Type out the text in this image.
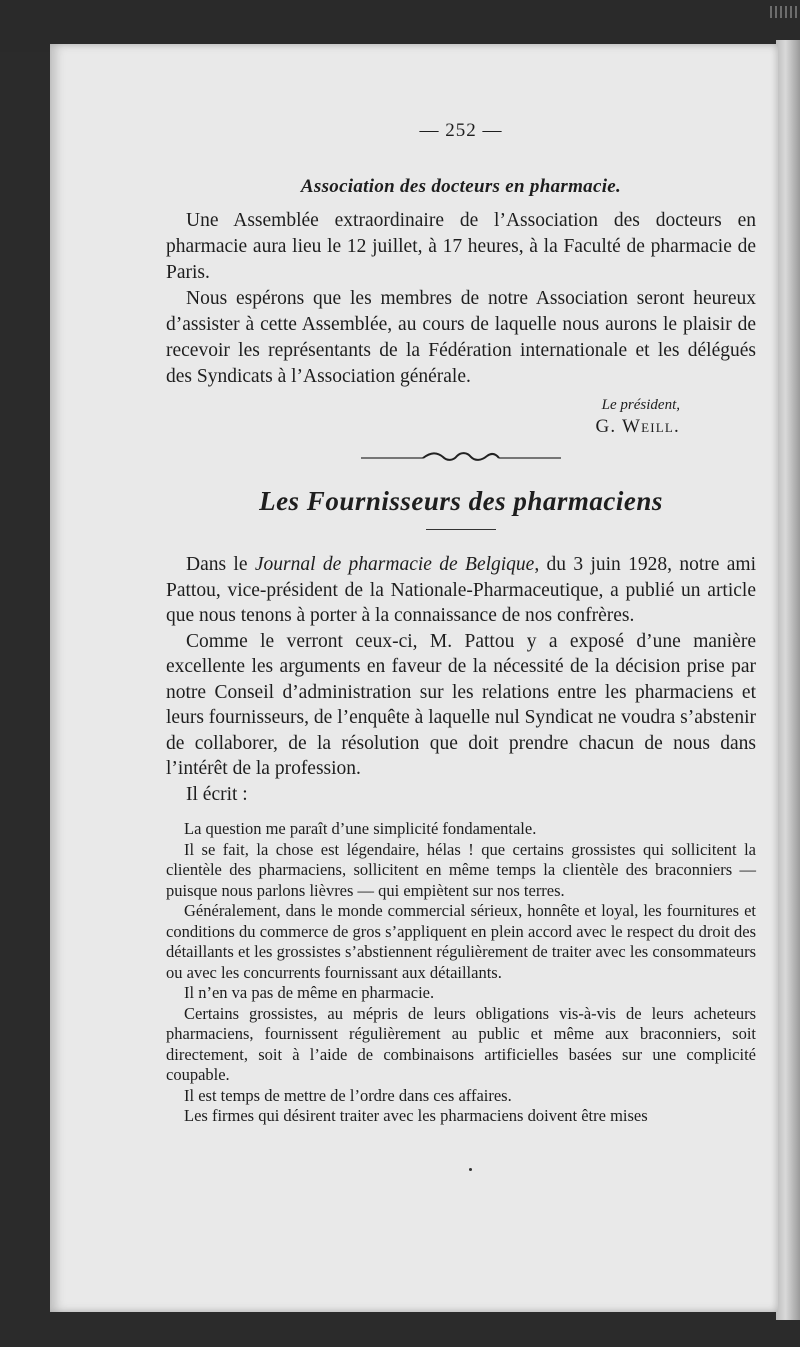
— 252 —
Association des docteurs en pharmacie.

Une Assemblée extraordinaire de l’Association des docteurs en pharmacie aura lieu le 12 juillet, à 17 heures, à la Faculté de pharmacie de Paris.

Nous espérons que les membres de notre Association seront heureux d’assister à cette Assemblée, au cours de laquelle nous aurons le plaisir de recevoir les représentants de la Fédération internationale et les délégués des Syndicats à l’Association générale.

Le président,
G. Weill.
Les Fournisseurs des pharmaciens

Dans le Journal de pharmacie de Belgique, du 3 juin 1928, notre ami Pattou, vice-président de la Nationale-Pharmaceutique, a publié un article que nous tenons à porter à la connaissance de nos confrères.

Comme le verront ceux-ci, M. Pattou y a exposé d’une manière excellente les arguments en faveur de la nécessité de la décision prise par notre Conseil d’administration sur les relations entre les pharmaciens et leurs fournisseurs, de l’enquête à laquelle nul Syndicat ne voudra s’abstenir de collaborer, de la résolution que doit prendre chacun de nous dans l’intérêt de la profession.

Il écrit :

La question me paraît d’une simplicité fondamentale.

Il se fait, la chose est légendaire, hélas ! que certains grossistes qui sollicitent la clientèle des pharmaciens, sollicitent en même temps la clientèle des braconniers — puisque nous parlons lièvres — qui empiètent sur nos terres.

Généralement, dans le monde commercial sérieux, honnête et loyal, les fournitures et conditions du commerce de gros s’appliquent en plein accord avec le respect du droit des détaillants et les grossistes s’abstiennent régulièrement de traiter avec les consommateurs ou avec les concurrents fournissant aux détaillants.

Il n’en va pas de même en pharmacie.

Certains grossistes, au mépris de leurs obligations vis-à-vis de leurs acheteurs pharmaciens, fournissent régulièrement au public et même aux braconniers, soit directement, soit à l’aide de combinaisons artificielles basées sur une complicité coupable.

Il est temps de mettre de l’ordre dans ces affaires.

Les firmes qui désirent traiter avec les pharmaciens doivent être mises
